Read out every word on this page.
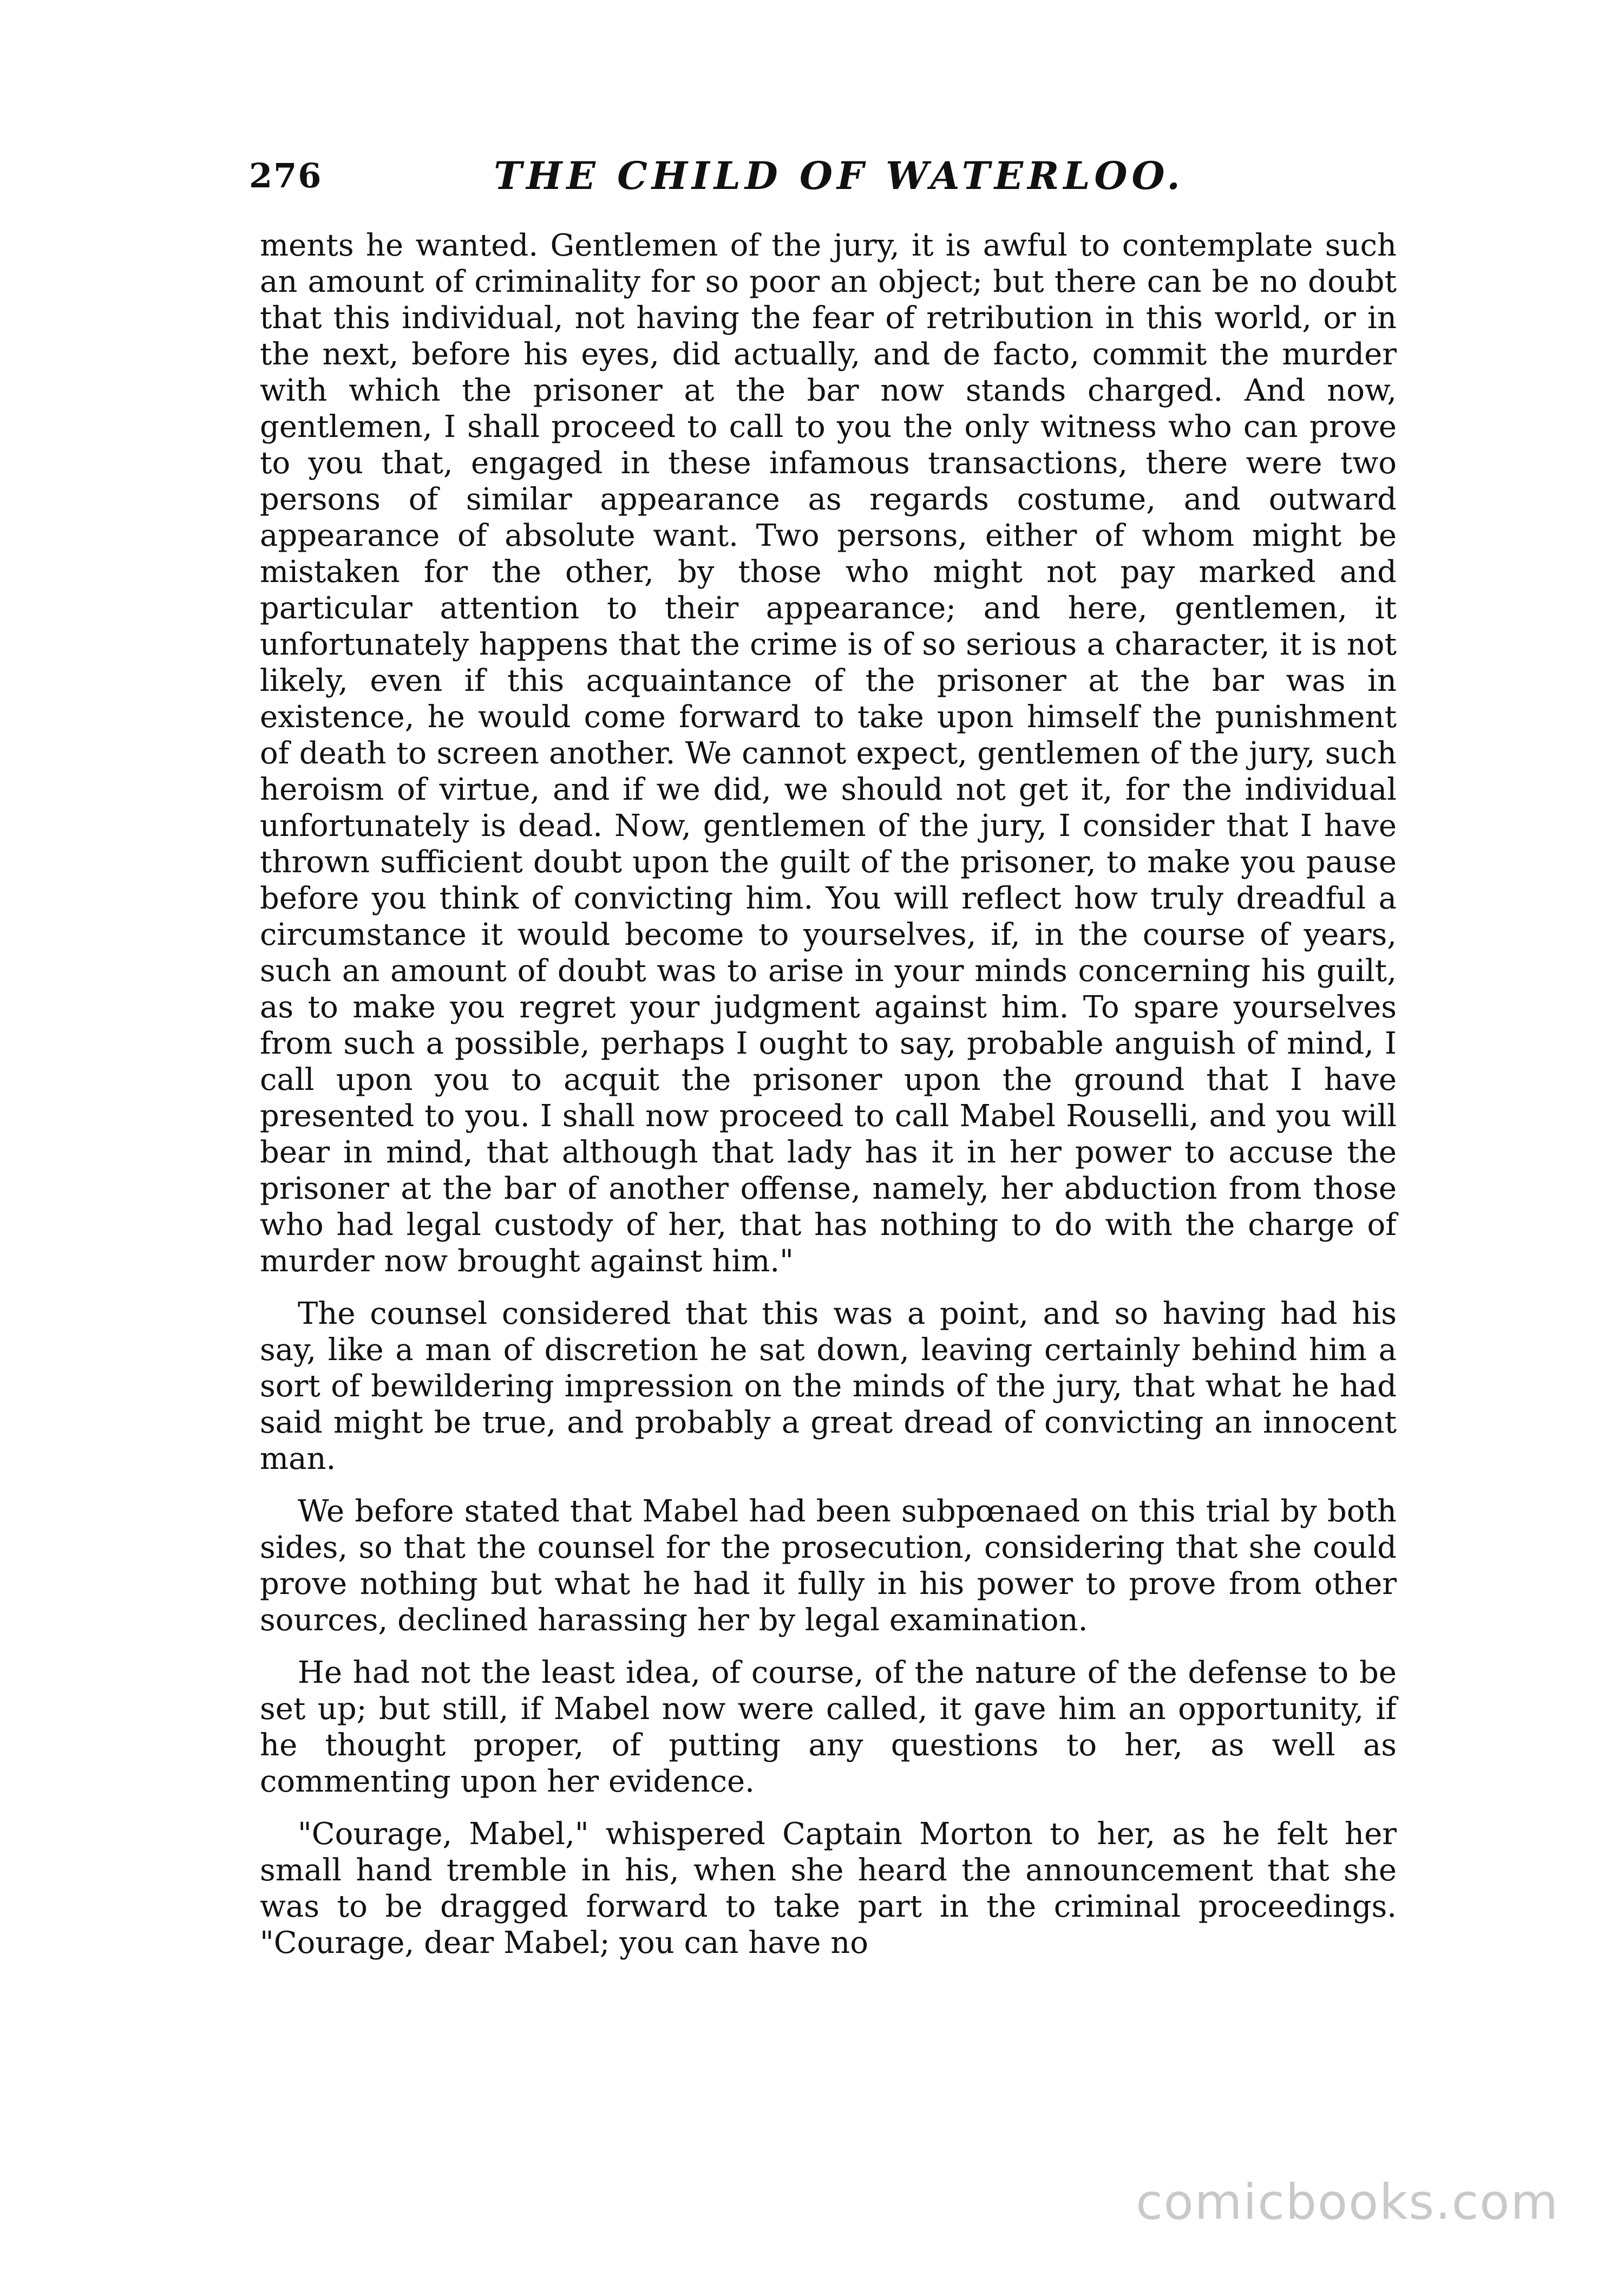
276	THE CHILD OF WATERLOO.

ments he wanted. Gentlemen of the jury, it is awful to contemplate such an amount of criminality for so poor an object; but there can be no doubt that this individual, not having the fear of retribution in this world, or in the next, before his eyes, did actually, and de facto, commit the murder with which the prisoner at the bar now stands charged. And now, gentlemen, I shall proceed to call to you the only witness who can prove to you that, engaged in these infamous transactions, there were two persons of similar appearance as regards costume, and outward appearance of absolute want. Two persons, either of whom might be mistaken for the other, by those who might not pay marked and particular attention to their appearance; and here, gentlemen, it unfortunately happens that the crime is of so serious a character, it is not likely, even if this acquaintance of the prisoner at the bar was in existence, he would come forward to take upon himself the punishment of death to screen another. We cannot expect, gentlemen of the jury, such heroism of virtue, and if we did, we should not get it, for the individual unfortunately is dead. Now, gentlemen of the jury, I consider that I have thrown sufficient doubt upon the guilt of the prisoner, to make you pause before you think of convicting him. You will reflect how truly dreadful a circumstance it would become to yourselves, if, in the course of years, such an amount of doubt was to arise in your minds concerning his guilt, as to make you regret your judgment against him. To spare yourselves from such a possible, perhaps I ought to say, probable anguish of mind, I call upon you to acquit the prisoner upon the ground that I have presented to you. I shall now proceed to call Mabel Rouselli, and you will bear in mind, that although that lady has it in her power to accuse the prisoner at the bar of another offense, namely, her abduction from those who had legal custody of her, that has nothing to do with the charge of murder now brought against him."

The counsel considered that this was a point, and so having had his say, like a man of discretion he sat down, leaving certainly behind him a sort of bewildering impression on the minds of the jury, that what he had said might be true, and probably a great dread of convicting an innocent man.

We before stated that Mabel had been subpœnaed on this trial by both sides, so that the counsel for the prosecution, considering that she could prove nothing but what he had it fully in his power to prove from other sources, declined harassing her by legal examination.

He had not the least idea, of course, of the nature of the defense to be set up; but still, if Mabel now were called, it gave him an opportunity, if he thought proper, of putting any questions to her, as well as commenting upon her evidence.

"Courage, Mabel," whispered Captain Morton to her, as he felt her small hand tremble in his, when she heard the announcement that she was to be dragged forward to take part in the criminal proceedings. "Courage, dear Mabel; you can have no

comicbooks.com
